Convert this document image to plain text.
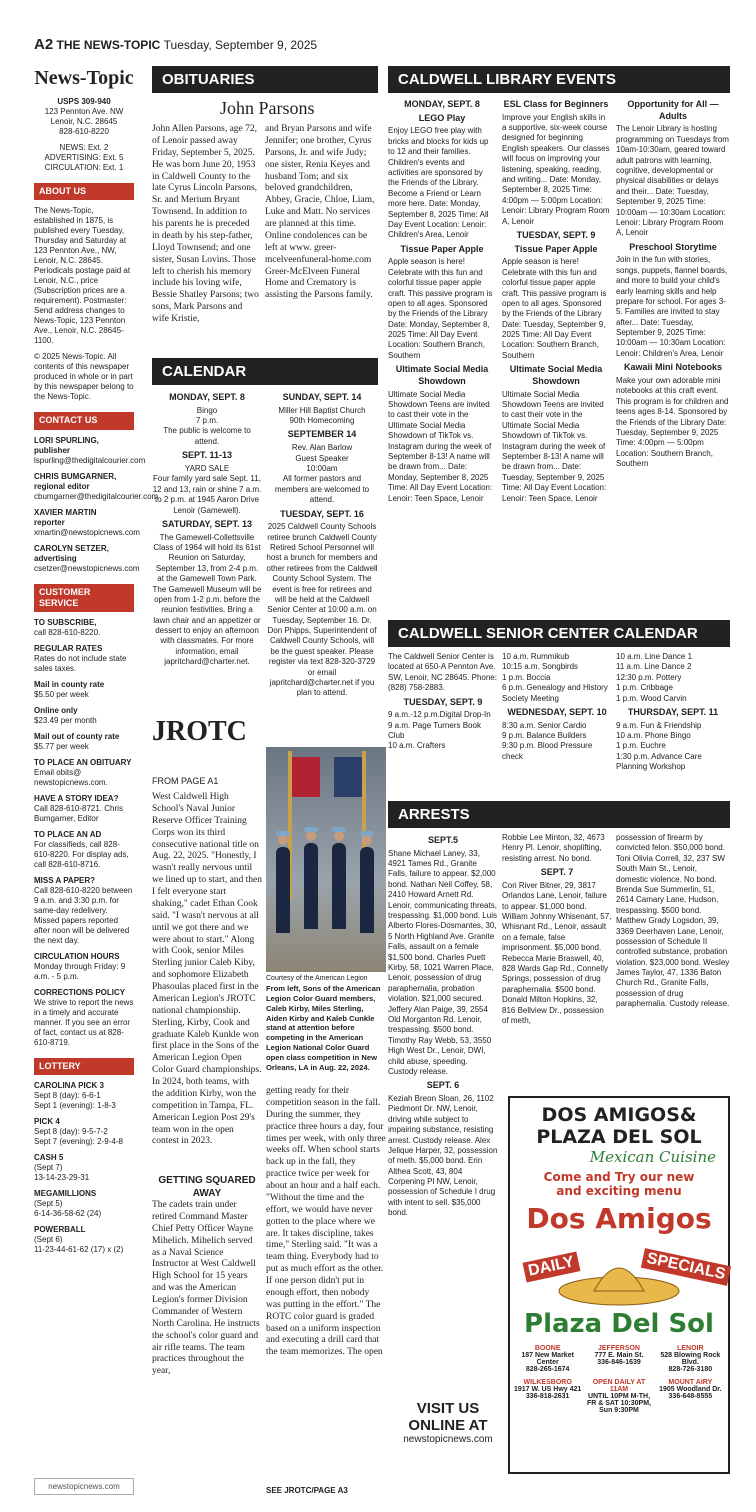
A2 THE NEWS-TOPIC Tuesday, September 9, 2025
News-Topic
USPS 309-940
123 Pennton Ave. NW
Lenoir, N.C. 28645
828-610-8220
NEWS: Ext. 2
ADVERTISING: Ext. 5
CIRCULATION: Ext. 1
ABOUT US

The News-Topic, established in 1875, is published every Tuesday, Thursday and Saturday at 123 Pennton Ave., NW, Lenoir, N.C. 28645. Periodicals postage paid at Lenoir, N.C., price (Subscription prices are a requirement). Postmaster: Send address changes to News-Topic, 123 Pennton Ave., Lenoir, N.C. 28645-1100.

© 2025 News-Topic. All contents of this newspaper produced in whole or in part by this newspaper belong to the News-Topic.

CONTACT US

LORI SPURLING,
publisher
lspurling@thedigitalcourier.com

CHRIS BUMGARNER,
regional editor
cbumgarner@thedigitalcourier.com

XAVIER MARTIN
reporter
xmartin@newstopicnews.com

CAROLYN SETZER,
advertising
csetzer@newstopicnews.com

CUSTOMER SERVICE

TO SUBSCRIBE,
call 828-610-8220.

REGULAR RATES
Rates do not include state sales taxes.

Mail in county rate
$5.50 per week

Online only
$23.49 per month

Mail out of county rate
$5.77 per week

TO PLACE AN OBITUARY
Email obits@ newstopicnews.com.

HAVE A STORY IDEA?
Call 828-610-8721. Chris Bumgarner, Editor

TO PLACE AN AD
For classifieds, call 828-610-8220. For display ads, call 828-610-8716.

MISS A PAPER?
Call 828-610-8220 between 9 a.m. and 3:30 p.m. for same-day redelivery. Missed papers reported after noon will be delivered the next day.

CIRCULATION HOURS
Monday through Friday: 9 a.m. - 5 p.m.

CORRECTIONS POLICY
We strive to report the news in a timely and accurate manner. If you see an error of fact, contact us at 828-610-8719.

LOTTERY

CAROLINA PICK 3
Sept 8 (day): 6-6-1
Sept 1 (evening): 1-8-3

PICK 4
Sept 8 (day): 9-5-7-2
Sept 7 (evening): 2-9-4-8

CASH 5
(Sept 7)
13-14-23-29-31

MEGAMILLIONS
(Sept 5)
6-14-36-58-62 (24)

POWERBALL
(Sept 6)
11-23-44-61-62 (17) x (2)

newstopicnews.com
OBITUARIES
John Parsons
John Allen Parsons, age 72, of Lenoir passed away Friday, September 5, 2025. He was born June 20, 1953 in Caldwell County to the late Cyrus Lincoln Parsons, Sr. and Merium Bryant Townsend. In addition to his parents he is preceded in death by his step-father, Lloyd Townsend; and one sister, Susan Lovins. Those left to cherish his memory include his loving wife, Bessie Shatley Parsons; two sons, Mark Parsons and wife Kristie,
and Bryan Parsons and wife Jennifer; one brother, Cyrus Parsons, Jr. and wife Judy; one sister, Renia Keyes and husband Tom; and six beloved grandchildren, Abbey, Gracie, Chloe, Liam, Luke and Matt. No services are planned at this time. Online condolences can be left at www. greer-mcelveenfuneral-home.com Greer-McElveen Funeral Home and Crematory is assisting the Parsons family.
CALENDAR
MONDAY, SEPT. 8

Bingo
7 p.m.
The public is welcome to attend.

SEPT. 11-13

YARD SALE
Four family yard sale Sept. 11, 12 and 13, rain or shine 7 a.m. to 2 p.m. at 1945 Aaron Drive Lenoir (Gamewell).

SATURDAY, SEPT. 13

The Gamewell-Collettsville Class of 1964 will hold its 61st Reunion on Saturday, September 13, from 2-4 p.m. at the Gamewell Town Park. The Gamewell Museum will be open from 1-2 p.m. before the reunion festivities. Bring a lawn chair and an appetizer or dessert to enjoy an afternoon with classmates. For more information, email japritchard@charter.net.

SUNDAY, SEPT. 14

Miller Hill Baptist Church
90th Homecoming

SEPTEMBER 14

Rev. Alan Barlow
Guest Speaker
10:00am
All former pastors and members are welcomed to attend.

TUESDAY, SEPT. 16

2025 Caldwell County Schools retiree brunch Caldwell County Retired School Personnel will host a brunch for members and other retirees from the Caldwell County School System. The event is free for retirees and will be held at the Caldwell Senior Center at 10:00 a.m. on Tuesday, September 16. Dr. Don Phipps, Superintendent of Caldwell County Schools, will be the guest speaker. Please register via text 828-320-3729 or email japritchard@charter.net if you plan to attend.

JROTC
FROM PAGE A1
West Caldwell High School's Naval Junior Reserve Officer Training Corps won its third consecutive national title on Aug. 22, 2025. "Honestly, I wasn't really nervous until we lined up to start, and then I felt everyone start shaking," cadet Ethan Cook said. "I wasn't nervous at all until we got there and we were about to start." Along with Cook, senior Miles Sterling junior Caleb Kiby, and sophomore Elizabeth Phasoulas placed first in the American Legion's JROTC national championship. Sterling, Kirby, Cook and graduate Kaleb Kunkle won first place in the Sons of the American Legion Open Color Guard championships. In 2024, both teams, with the addition Kirby, won the competition in Tampa, FL. American Legion Post 29's team won in the open contest in 2023.
GETTING SQUARED AWAY
The cadets train under retired Command Master Chief Petty Officer Wayne Mihelich. Mihelich served as a Naval Science Instructor at West Caldwell High School for 15 years and was the American Legion's former Division Commander of Western North Carolina. He instructs the school's color guard and air rifle teams. The team practices throughout the year,
Courtesy of the American Legion
From left, Sons of the American Legion Color Guard members, Caleb Kirby, Miles Sterling, Aiden Kirby and Kaleb Cunkle stand at attention before competing in the American Legion National Color Guard open class competition in New Orleans, LA in Aug. 22, 2024.
getting ready for their competition season in the fall. During the summer, they practice three hours a day, four times per week, with only three weeks off. When school starts back up in the fall, they practice twice per week for about an hour and a half each. "Without the time and the effort, we would have never gotten to the place where we are. It takes discipline, takes time," Sterling said. "It was a team thing. Everybody had to put as much effort as the other. If one person didn't put in enough effort, then nobody was putting in the effort." The ROTC color guard is graded based on a uniform inspection and executing a drill card that the team memorizes. The open
SEE JROTC/PAGE A3
CALDWELL LIBRARY EVENTS
MONDAY, SEPT. 8
LEGO Play

Enjoy LEGO free play with bricks and blocks for kids up to 12 and their families. Children's events and activities are sponsored by the Friends of the Library. Become a Friend or Learn more here. Date: Monday, September 8, 2025 Time: All Day Event Location: Lenoir: Children's Area, Lenoir

Tissue Paper Apple

Apple season is here! Celebrate with this fun and colorful tissue paper apple craft. This passive program is open to all ages. Sponsored by the Friends of the Library Date: Monday, September 8, 2025 Time: All Day Event Location: Southern Branch, Southern

Ultimate Social Media Showdown

Ultimate Social Media Showdown Teens are invited to cast their vote in the Ultimate Social Media Showdown of TikTok vs. Instagram during the week of September 8-13! A name will be drawn from... Date: Monday, September 8, 2025 Time: All Day Event Location: Lenoir: Teen Space, Lenoir

ESL Class for Beginners

Improve your English skills in a supportive, six-week course designed for beginning English speakers. Our classes will focus on improving your listening, speaking, reading, and writing... Date: Monday, September 8, 2025 Time: 4:00pm — 5:00pm Location: Lenoir: Library Program Room A, Lenoir

TUESDAY, SEPT. 9
Tissue Paper Apple

Apple season is here! Celebrate with this fun and colorful tissue paper apple craft. This passive program is open to all ages. Sponsored by the Friends of the Library Date: Tuesday, September 9, 2025 Time: All Day Event Location: Southern Branch, Southern

Ultimate Social Media Showdown

Ultimate Social Media Showdown Teens are invited to cast their vote in the Ultimate Social Media Showdown of TikTok vs. Instagram during the week of September 8-13! A name will be drawn from... Date: Tuesday, September 9, 2025 Time: All Day Event Location: Lenoir: Teen Space, Lenoir

Opportunity for All — Adults

The Lenoir Library is hosting programming on Tuesdays from 10am-10:30am, geared toward adult patrons with learning, cognitive, developmental or physical disabilities or delays and their... Date: Tuesday, September 9, 2025 Time: 10:00am — 10:30am Location: Lenoir: Library Program Room A, Lenoir

Preschool Storytime

Join in the fun with stories, songs, puppets, flannel boards, and more to build your child's early learning skills and help prepare for school. For ages 3-5. Families are invited to stay after... Date: Tuesday, September 9, 2025 Time: 10:00am — 10:30am Location: Lenoir: Children's Area, Lenoir

Kawaii Mini Notebooks

Make your own adorable mini notebooks at this craft event. This program is for children and teens ages 8-14. Sponsored by the Friends of the Library Date: Tuesday, September 9, 2025 Time: 4:00pm — 5:00pm Location: Southern Branch, Southern

CALDWELL SENIOR CENTER CALENDAR

The Caldwell Senior Center is located at 650-A Pennton Ave. SW, Lenoir, NC 28645. Phone: (828) 758-2883.

TUESDAY, SEPT. 9

9 a.m.-12 p.m.Digital Drop-In
9 a.m. Page Turners Book Club
10 a.m. Crafters

10 a.m. Rummikub
10:15 a.m. Songbirds
1 p.m. Boccia
6 p.m. Genealogy and History Society Meeting

WEDNESDAY, SEPT. 10

8:30 a.m. Senior Cardio
9 p.m. Balance Builders
9:30 p.m. Blood Pressure check

10 a.m. Line Dance 1
11 a.m. Line Dance 2
12:30 p.m. Pottery
1 p.m. Cribbage
1 p.m. Wood Carvin

THURSDAY, SEPT. 11

9 a.m. Fun & Friendship
10 a.m. Phone Bingo
1 p.m. Euchre
1:30 p.m. Advance Care Planning Workshop

ARRESTS
SEPT.5

Shane Michael Laney, 33, 4921 Tames Rd., Granite Falls, failure to appear. $2,000 bond. Nathan Neil Coffey, 58, 2410 Howard Arnett Rd. Lenoir, communicating threats, trespassing. $1,000 bond. Luis Alberto Flores-Dosmantes, 30, 5 North Highland Ave. Granite Falls, assault on a female $1,500 bond. Charles Puett Kirby, 58, 1021 Warren Place, Lenoir, possession of drug paraphernalia, probation violation. $21,000 secured. Jeffery Alan Paige, 39, 2554 Old Morganton Rd. Lenoir, trespassing. $500 bond. Timothy Ray Webb, 53, 3550 High West Dr., Lenoir, DWI, child abuse, speeding. Custody release.

SEPT. 6

Keziah Breon Sloan, 26, 1102 Piedmont Dr. NW, Lenoir, driving while subject to impairing substance, resisting arrest. Custody release. Alex Jelique Harper, 32, possession of meth. $5,000 bond. Erin Althea Scott, 43, 804 Corpening Pl NW, Lenoir, possession of Schedule I drug with intent to sell. $35,000 bond.

Robbie Lee Minton, 32, 4673 Henry Pl. Lenoir, shoplifting, resisting arrest. No bond.

SEPT. 7

Cori River Bitner, 29, 3817 Orlandos Lane, Lenoir, failure to appear. $1,000 bond. William Johnny Whisenant, 57, Whisnant Rd., Lenoir, assault on a female, false imprisonment. $5,000 bond. Rebecca Marie Braswell, 40, 828 Wards Gap Rd., Connelly Springs, possession of drug paraphernalia. $500 bond. Donald Milton Hopkins, 32, 816 Bellview Dr., possession of meth,

possession of firearm by convicted felon. $50,000 bond. Toni Olivia Correll, 32, 237 SW South Main St., Lenoir, domestic violence. No bond. Brenda Sue Summerlin, 51, 2614 Camary Lane, Hudson, trespassing. $500 bond. Matthew Grady Logsdon, 39, 3369 Deerhaven Lane, Lenoir, possession of Schedule II controlled substance, probation violation. $23,000 bond. Wesley James Taylor, 47, 1336 Baton Church Rd., Granite Falls, possession of drug paraphernalia. Custody release.

VISIT US
ONLINE AT
newstopicnews.com
DOS AMIGOS&
PLAZA DEL SOL
Mexican Cuisine
Come and Try our new
and exciting menu
Dos Amigos
DAILY	SPECIALS
Plaza Del Sol
BOONE
187 New Market Center
828-265-1674
JEFFERSON
777 E. Main St.
336-846-1639
LENOIR
528 Blowing Rock Blvd.
828-726-3180
WILKESBORO
1917 W. US Hwy 421
336-818-2631
OPEN DAILY AT 11AM
UNTIL 10PM M-TH,
FR & SAT 10:30PM, Sun 9:30PM
MOUNT AIRY
1905 Woodland Dr.
336-648-8555
